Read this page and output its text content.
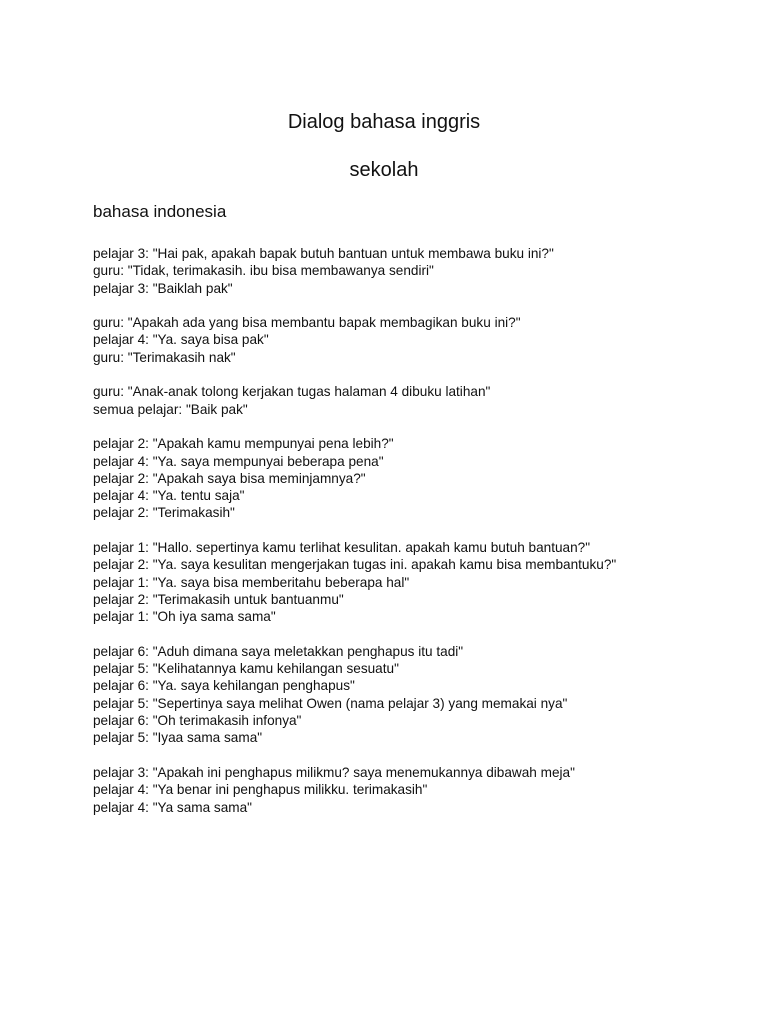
Dialog bahasa inggris
sekolah
bahasa indonesia
pelajar 3: "Hai pak, apakah bapak butuh bantuan untuk membawa buku ini?"
guru: "Tidak, terimakasih. ibu bisa membawanya sendiri"
pelajar 3: "Baiklah pak"
guru: "Apakah ada yang bisa membantu bapak membagikan buku ini?"
pelajar 4: "Ya. saya bisa pak"
guru: "Terimakasih nak"
guru: "Anak-anak tolong kerjakan tugas halaman 4 dibuku latihan"
semua pelajar: "Baik pak"
pelajar 2: "Apakah kamu mempunyai pena lebih?"
pelajar 4: "Ya. saya mempunyai beberapa pena"
pelajar 2: "Apakah saya bisa meminjamnya?"
pelajar 4: "Ya. tentu saja"
pelajar 2: "Terimakasih"
pelajar 1: "Hallo. sepertinya kamu terlihat kesulitan. apakah kamu butuh bantuan?"
pelajar 2: "Ya. saya kesulitan mengerjakan tugas ini. apakah kamu bisa membantuku?"
pelajar 1: "Ya. saya bisa memberitahu beberapa hal"
pelajar 2: "Terimakasih untuk bantuanmu"
pelajar 1: "Oh iya sama sama"
pelajar 6: "Aduh dimana saya meletakkan penghapus itu tadi"
pelajar 5: "Kelihatannya kamu kehilangan sesuatu"
pelajar 6: "Ya. saya kehilangan penghapus"
pelajar 5: "Sepertinya saya melihat Owen (nama pelajar 3) yang memakai nya"
pelajar 6: "Oh terimakasih infonya"
pelajar 5: "Iyaa sama sama"
pelajar 3: "Apakah ini penghapus milikmu? saya menemukannya dibawah meja"
pelajar 4: "Ya benar ini penghapus milikku. terimakasih"
pelajar 4: "Ya sama sama"
